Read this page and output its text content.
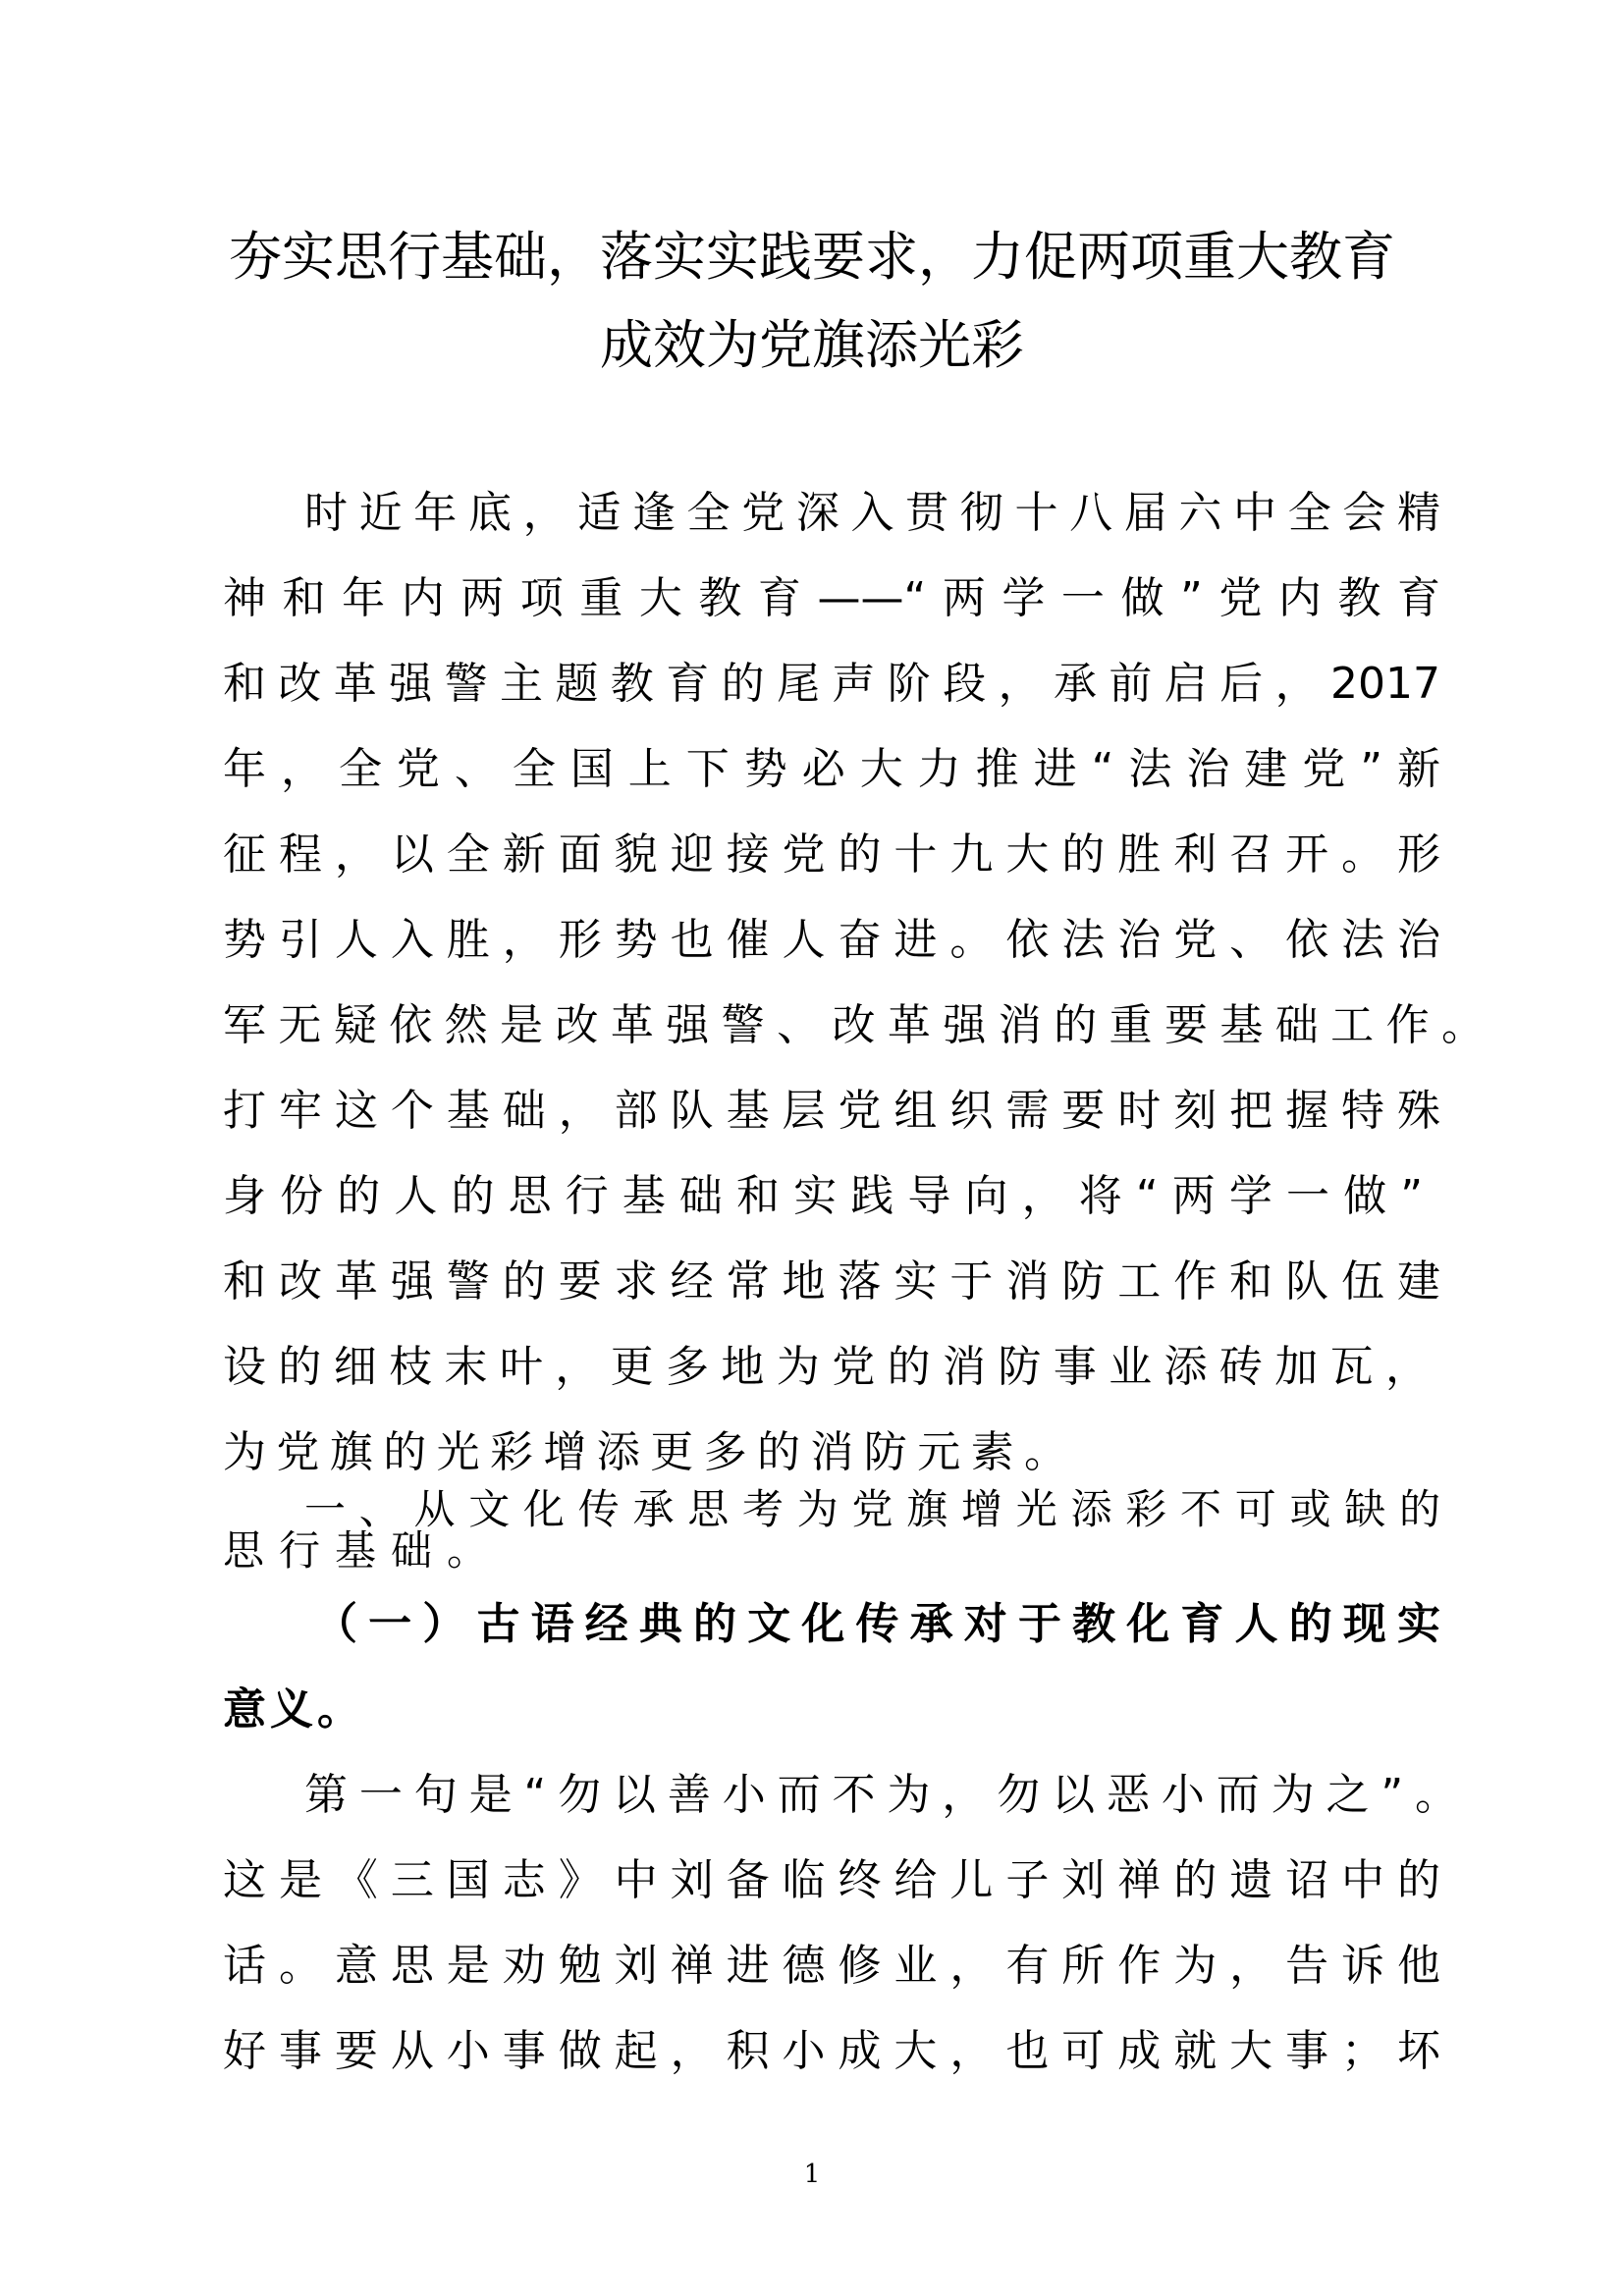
夯实思行基础，落实实践要求，力促两项重大教育
成效为党旗添光彩

时近年底，适逢全党深入贯彻十八届六中全会精

神和年内两项重大教育——“两学一做”党内教育

和改革强警主题教育的尾声阶段，承前启后，2017

年，全党、全国上下势必大力推进“法治建党”新

征程，以全新面貌迎接党的十九大的胜利召开。形

势引人入胜，形势也催人奋进。依法治党、依法治

军无疑依然是改革强警、改革强消的重要基础工作。

打牢这个基础，部队基层党组织需要时刻把握特殊

身份的人的思行基础和实践导向，将“两学一做”

和改革强警的要求经常地落实于消防工作和队伍建

设的细枝末叶，更多地为党的消防事业添砖加瓦，

为党旗的光彩增添更多的消防元素。

一、从文化传承思考为党旗增光添彩不可或缺的

思行基础。

（一）古语经典的文化传承对于教化育人的现实

意义。

第一句是“勿以善小而不为，勿以恶小而为之”。

这是《三国志》中刘备临终给儿子刘禅的遗诏中的

话。意思是劝勉刘禅进德修业，有所作为，告诉他

好事要从小事做起，积小成大，也可成就大事；坏

1
